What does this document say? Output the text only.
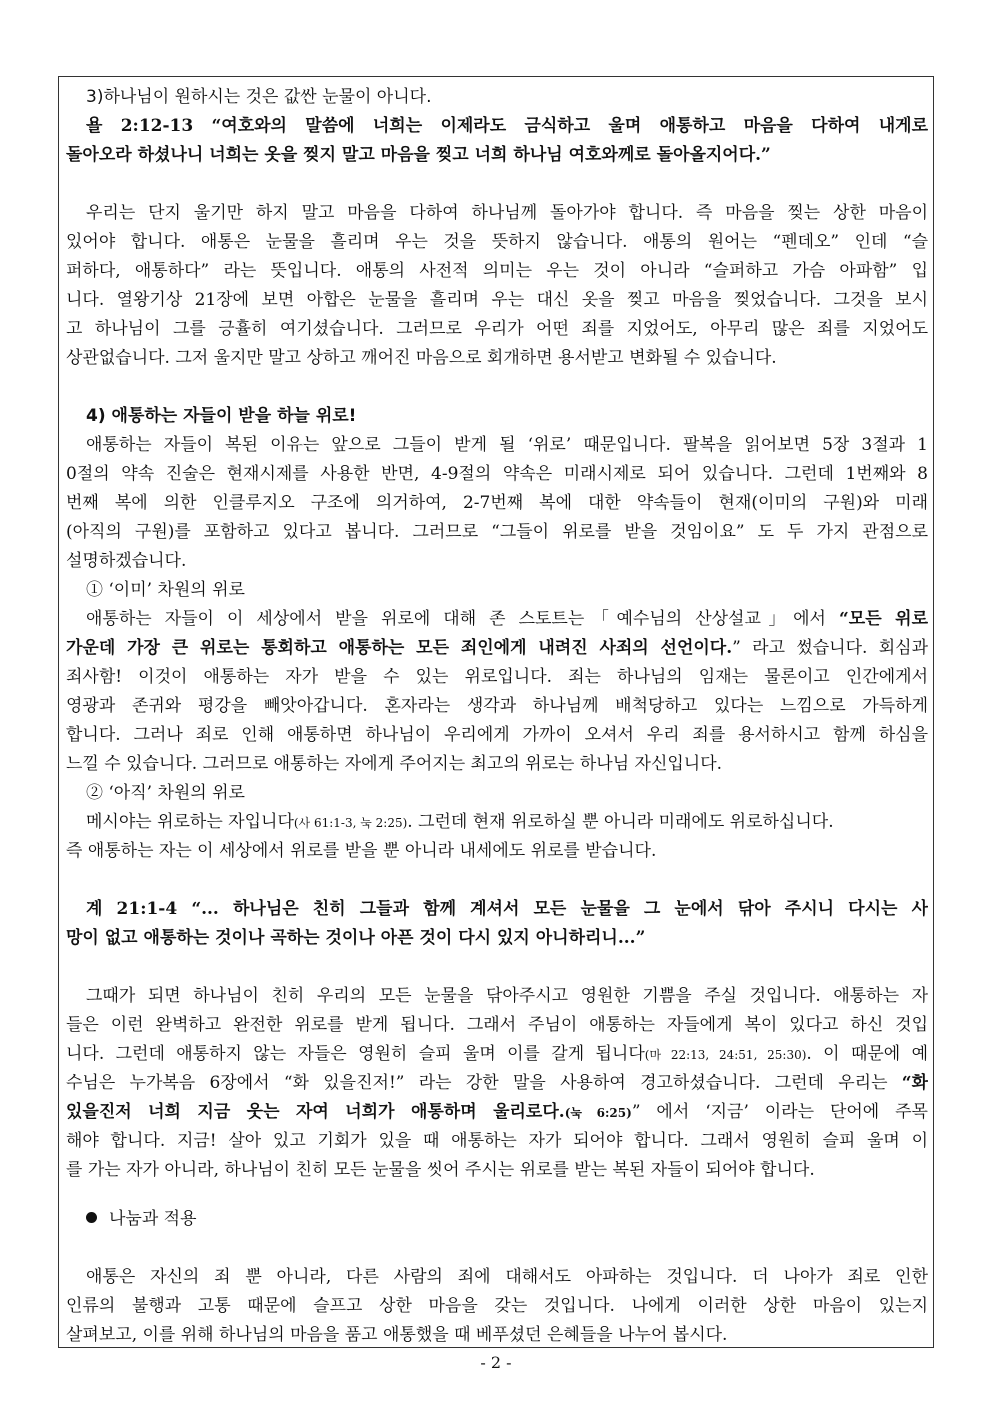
3)하나님이 원하시는 것은 값싼 눈물이 아니다.
욜 2:12-13 “여호와의 말씀에 너희는 이제라도 금식하고 울며 애통하고 마음을 다하여 내게로
돌아오라 하셨나니 너희는 옷을 찢지 말고 마음을 찢고 너희 하나님 여호와께로 돌아올지어다.”
우리는 단지 울기만 하지 말고 마음을 다하여 하나님께 돌아가야 합니다. 즉 마음을 찢는 상한 마음이
있어야 합니다. 애통은 눈물을 흘리며 우는 것을 뜻하지 않습니다. 애통의 원어는 “펜데오” 인데 “슬
퍼하다, 애통하다” 라는 뜻입니다. 애통의 사전적 의미는 우는 것이 아니라 “슬퍼하고 가슴 아파함” 입
니다. 열왕기상 21장에 보면 아합은 눈물을 흘리며 우는 대신 옷을 찢고 마음을 찢었습니다. 그것을 보시
고 하나님이 그를 긍휼히 여기셨습니다. 그러므로 우리가 어떤 죄를 지었어도, 아무리 많은 죄를 지었어도
상관없습니다. 그저 울지만 말고 상하고 깨어진 마음으로 회개하면 용서받고 변화될 수 있습니다.
4) 애통하는 자들이 받을 하늘 위로!
애통하는 자들이 복된 이유는 앞으로 그들이 받게 될 ‘위로’ 때문입니다. 팔복을 읽어보면 5장 3절과 1
0절의 약속 진술은 현재시제를 사용한 반면, 4-9절의 약속은 미래시제로 되어 있습니다. 그런데 1번째와 8
번째 복에 의한 인클루지오 구조에 의거하여, 2-7번째 복에 대한 약속들이 현재(이미의 구원)와 미래
(아직의 구원)를 포함하고 있다고 봅니다. 그러므로 “그들이 위로를 받을 것임이요” 도 두 가지 관점으로
설명하겠습니다.
① ‘이미’ 차원의 위로
애통하는 자들이 이 세상에서 받을 위로에 대해 존 스토트는「예수님의 산상설교」에서 “모든 위로
가운데 가장 큰 위로는 통회하고 애통하는 모든 죄인에게 내려진 사죄의 선언이다.” 라고 썼습니다. 회심과
죄사함! 이것이 애통하는 자가 받을 수 있는 위로입니다. 죄는 하나님의 임재는 물론이고 인간에게서
영광과 존귀와 평강을 빼앗아갑니다. 혼자라는 생각과 하나님께 배척당하고 있다는 느낌으로 가득하게
합니다. 그러나 죄로 인해 애통하면 하나님이 우리에게 가까이 오셔서 우리 죄를 용서하시고 함께 하심을
느낄 수 있습니다. 그러므로 애통하는 자에게 주어지는 최고의 위로는 하나님 자신입니다.
② ‘아직’ 차원의 위로
메시야는 위로하는 자입니다(사 61:1-3, 눅 2:25). 그런데 현재 위로하실 뿐 아니라 미래에도 위로하십니다.
즉 애통하는 자는 이 세상에서 위로를 받을 뿐 아니라 내세에도 위로를 받습니다.
계 21:1-4 “... 하나님은 친히 그들과 함께 계셔서 모든 눈물을 그 눈에서 닦아 주시니 다시는 사
망이 없고 애통하는 것이나 곡하는 것이나 아픈 것이 다시 있지 아니하리니...”
그때가 되면 하나님이 친히 우리의 모든 눈물을 닦아주시고 영원한 기쁨을 주실 것입니다. 애통하는 자
들은 이런 완벽하고 완전한 위로를 받게 됩니다. 그래서 주님이 애통하는 자들에게 복이 있다고 하신 것입
니다. 그런데 애통하지 않는 자들은 영원히 슬피 울며 이를 갈게 됩니다(마 22:13, 24:51, 25:30). 이 때문에 예
수님은 누가복음 6장에서 “화 있을진저!” 라는 강한 말을 사용하여 경고하셨습니다. 그런데 우리는 “화
있을진저 너희 지금 웃는 자여 너희가 애통하며 울리로다.(눅 6:25)” 에서 ‘지금’ 이라는 단어에 주목
해야 합니다. 지금! 살아 있고 기회가 있을 때 애통하는 자가 되어야 합니다. 그래서 영원히 슬피 울며 이
를 가는 자가 아니라, 하나님이 친히 모든 눈물을 씻어 주시는 위로를 받는 복된 자들이 되어야 합니다.
나눔과 적용
애통은 자신의 죄 뿐 아니라, 다른 사람의 죄에 대해서도 아파하는 것입니다. 더 나아가 죄로 인한
인류의 불행과 고통 때문에 슬프고 상한 마음을 갖는 것입니다. 나에게 이러한 상한 마음이 있는지
살펴보고, 이를 위해 하나님의 마음을 품고 애통했을 때 베푸셨던 은혜들을 나누어 봅시다.
- 2 -
